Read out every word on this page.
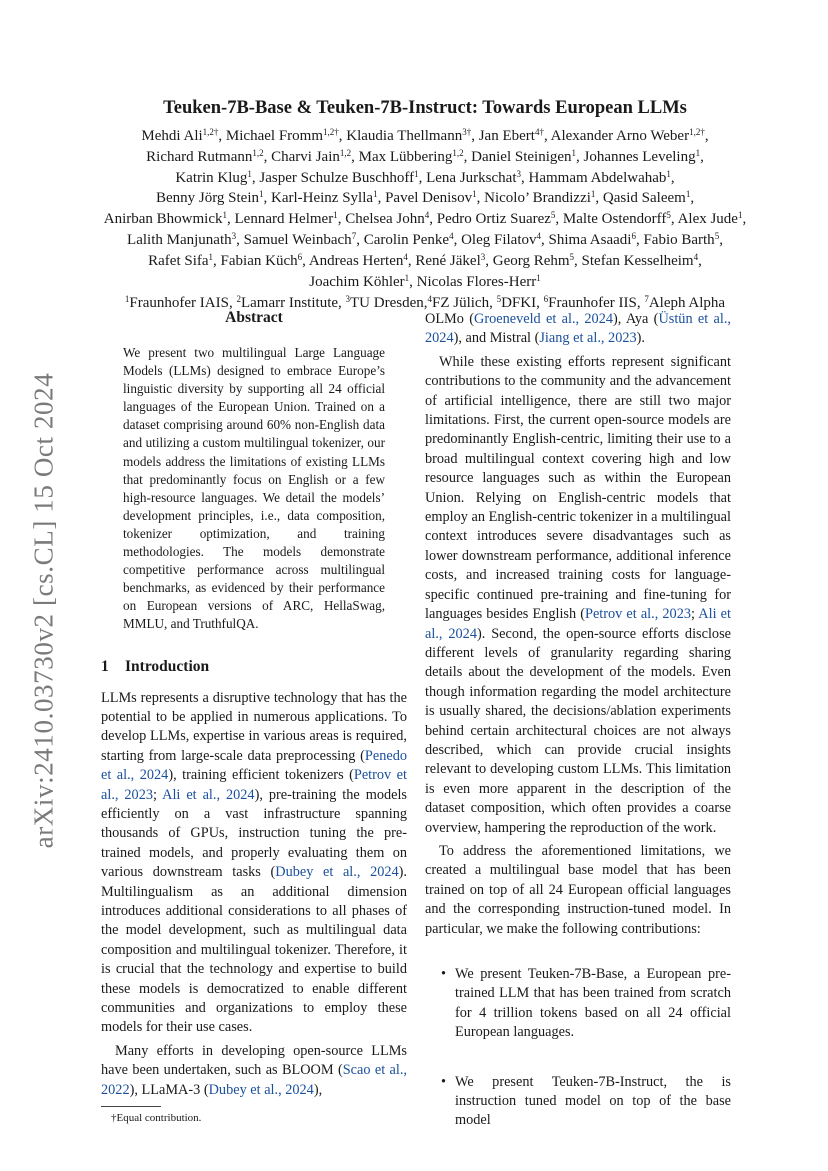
arXiv:2410.03730v2 [cs.CL] 15 Oct 2024
Teuken-7B-Base & Teuken-7B-Instruct: Towards European LLMs
Mehdi Ali$^{1,2\dagger}$, Michael Fromm$^{1,2\dagger}$, Klaudia Thellmann$^{3\dagger}$, Jan Ebert$^{4\dagger}$, Alexander Arno Weber$^{1,2\dagger}$,
Richard Rutmann$^{1,2}$, Charvi Jain$^{1,2}$, Max Lübbering$^{1,2}$, Daniel Steinigen$^1$, Johannes Leveling$^1$,
Katrin Klug$^1$, Jasper Schulze Buschhoff$^1$, Lena Jurkschat$^3$, Hammam Abdelwahab$^1$,
Benny Jörg Stein$^1$, Karl-Heinz Sylla$^1$, Pavel Denisov$^1$, Nicolo’ Brandizzi$^1$, Qasid Saleem$^1$,
Anirban Bhowmick$^1$, Lennard Helmer$^1$, Chelsea John$^4$, Pedro Ortiz Suarez$^5$, Malte Ostendorff$^5$, Alex Jude$^1$,
Lalith Manjunath$^3$, Samuel Weinbach$^7$, Carolin Penke$^4$, Oleg Filatov$^4$, Shima Asaadi$^6$, Fabio Barth$^5$,
Rafet Sifa$^1$, Fabian Küch$^6$, Andreas Herten$^4$, René Jäkel$^3$, Georg Rehm$^5$, Stefan Kesselheim$^4$,
Joachim Köhler$^1$, Nicolas Flores-Herr$^1$
$^1$Fraunhofer IAIS, $^2$Lamarr Institute, $^3$TU Dresden,$^4$FZ Jülich, $^5$DFKI, $^6$Fraunhofer IIS, $^7$Aleph Alpha
Abstract

We present two multilingual Large Language Models (LLMs) designed to embrace Europe’s linguistic diversity by supporting all 24 official languages of the European Union. Trained on a dataset comprising around 60% non-English data and utilizing a custom multilingual tokenizer, our models address the limitations of existing LLMs that predominantly focus on English or a few high-resource languages. We detail the models’ development principles, i.e., data composition, tokenizer optimization, and training methodologies. The models demonstrate competitive performance across multilingual benchmarks, as evidenced by their performance on European versions of ARC, HellaSwag, MMLU, and TruthfulQA.

1 Introduction

LLMs represents a disruptive technology that has the potential to be applied in numerous applications. To develop LLMs, expertise in various areas is required, starting from large-scale data preprocessing (Penedo et al., 2024), training efficient tokenizers (Petrov et al., 2023; Ali et al., 2024), pre-training the models efficiently on a vast infrastructure spanning thousands of GPUs, instruction tuning the pre-trained models, and properly evaluating them on various downstream tasks (Dubey et al., 2024). Multilingualism as an additional dimension introduces additional considerations to all phases of the model development, such as multilingual data composition and multilingual tokenizer. Therefore, it is crucial that the technology and expertise to build these models is democratized to enable different communities and organizations to employ these models for their use cases.

Many efforts in developing open-source LLMs have been undertaken, such as BLOOM (Scao et al., 2022), LLaMA-3 (Dubey et al., 2024),

†Equal contribution.

OLMo (Groeneveld et al., 2024), Aya (Üstün et al., 2024), and Mistral (Jiang et al., 2023).

While these existing efforts represent significant contributions to the community and the advancement of artificial intelligence, there are still two major limitations. First, the current open-source models are predominantly English-centric, limiting their use to a broad multilingual context covering high and low resource languages such as within the European Union. Relying on English-centric models that employ an English-centric tokenizer in a multilingual context introduces severe disadvantages such as lower downstream performance, additional inference costs, and increased training costs for language-specific continued pre-training and fine-tuning for languages besides English (Petrov et al., 2023; Ali et al., 2024). Second, the open-source efforts disclose different levels of granularity regarding sharing details about the development of the models. Even though information regarding the model architecture is usually shared, the decisions/ablation experiments behind certain architectural choices are not always described, which can provide crucial insights relevant to developing custom LLMs. This limitation is even more apparent in the description of the dataset composition, which often provides a coarse overview, hampering the reproduction of the work.

To address the aforementioned limitations, we created a multilingual base model that has been trained on top of all 24 European official languages and the corresponding instruction-tuned model. In particular, we make the following contributions:

• We present Teuken-7B-Base, a European pre-trained LLM that has been trained from scratch for 4 trillion tokens based on all 24 official European languages.
• We present Teuken-7B-Instruct, the is instruction tuned model on top of the base model
